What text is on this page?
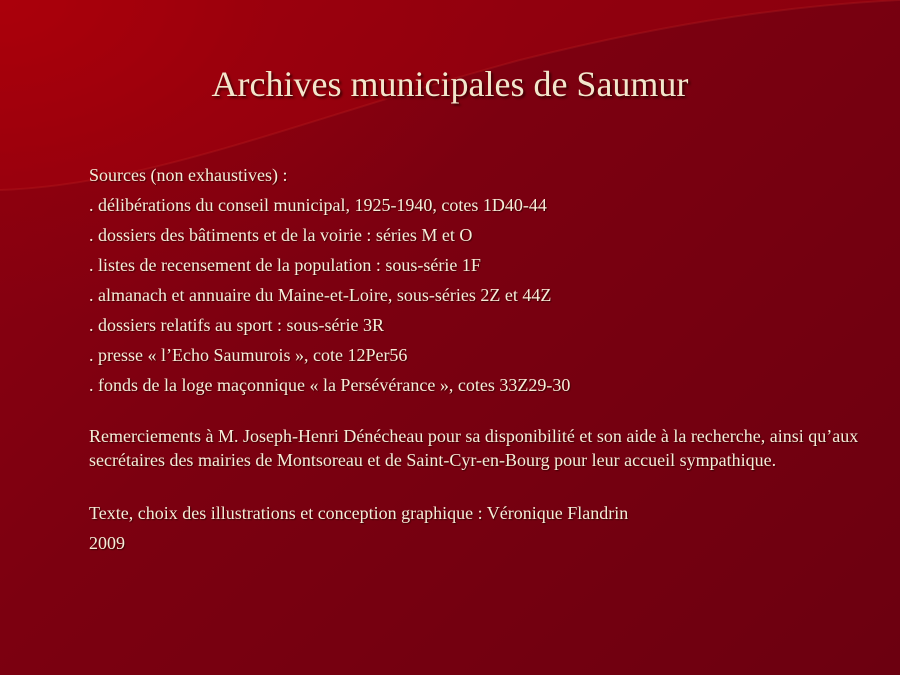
Archives municipales de Saumur
Sources (non exhaustives) :
. délibérations du conseil municipal, 1925-1940, cotes 1D40-44
. dossiers des bâtiments et de la voirie : séries M et O
. listes de recensement de la population : sous-série 1F
. almanach et annuaire du Maine-et-Loire, sous-séries 2Z et 44Z
. dossiers relatifs au sport : sous-série 3R
. presse « l’Echo Saumurois », cote 12Per56
. fonds de la loge maçonnique « la Persévérance », cotes 33Z29-30
Remerciements à M. Joseph-Henri Dénécheau pour sa disponibilité et son aide à la recherche, ainsi qu’aux secrétaires des mairies de Montsoreau et de Saint-Cyr-en-Bourg pour leur accueil sympathique.
Texte, choix des illustrations et conception graphique : Véronique Flandrin
2009
